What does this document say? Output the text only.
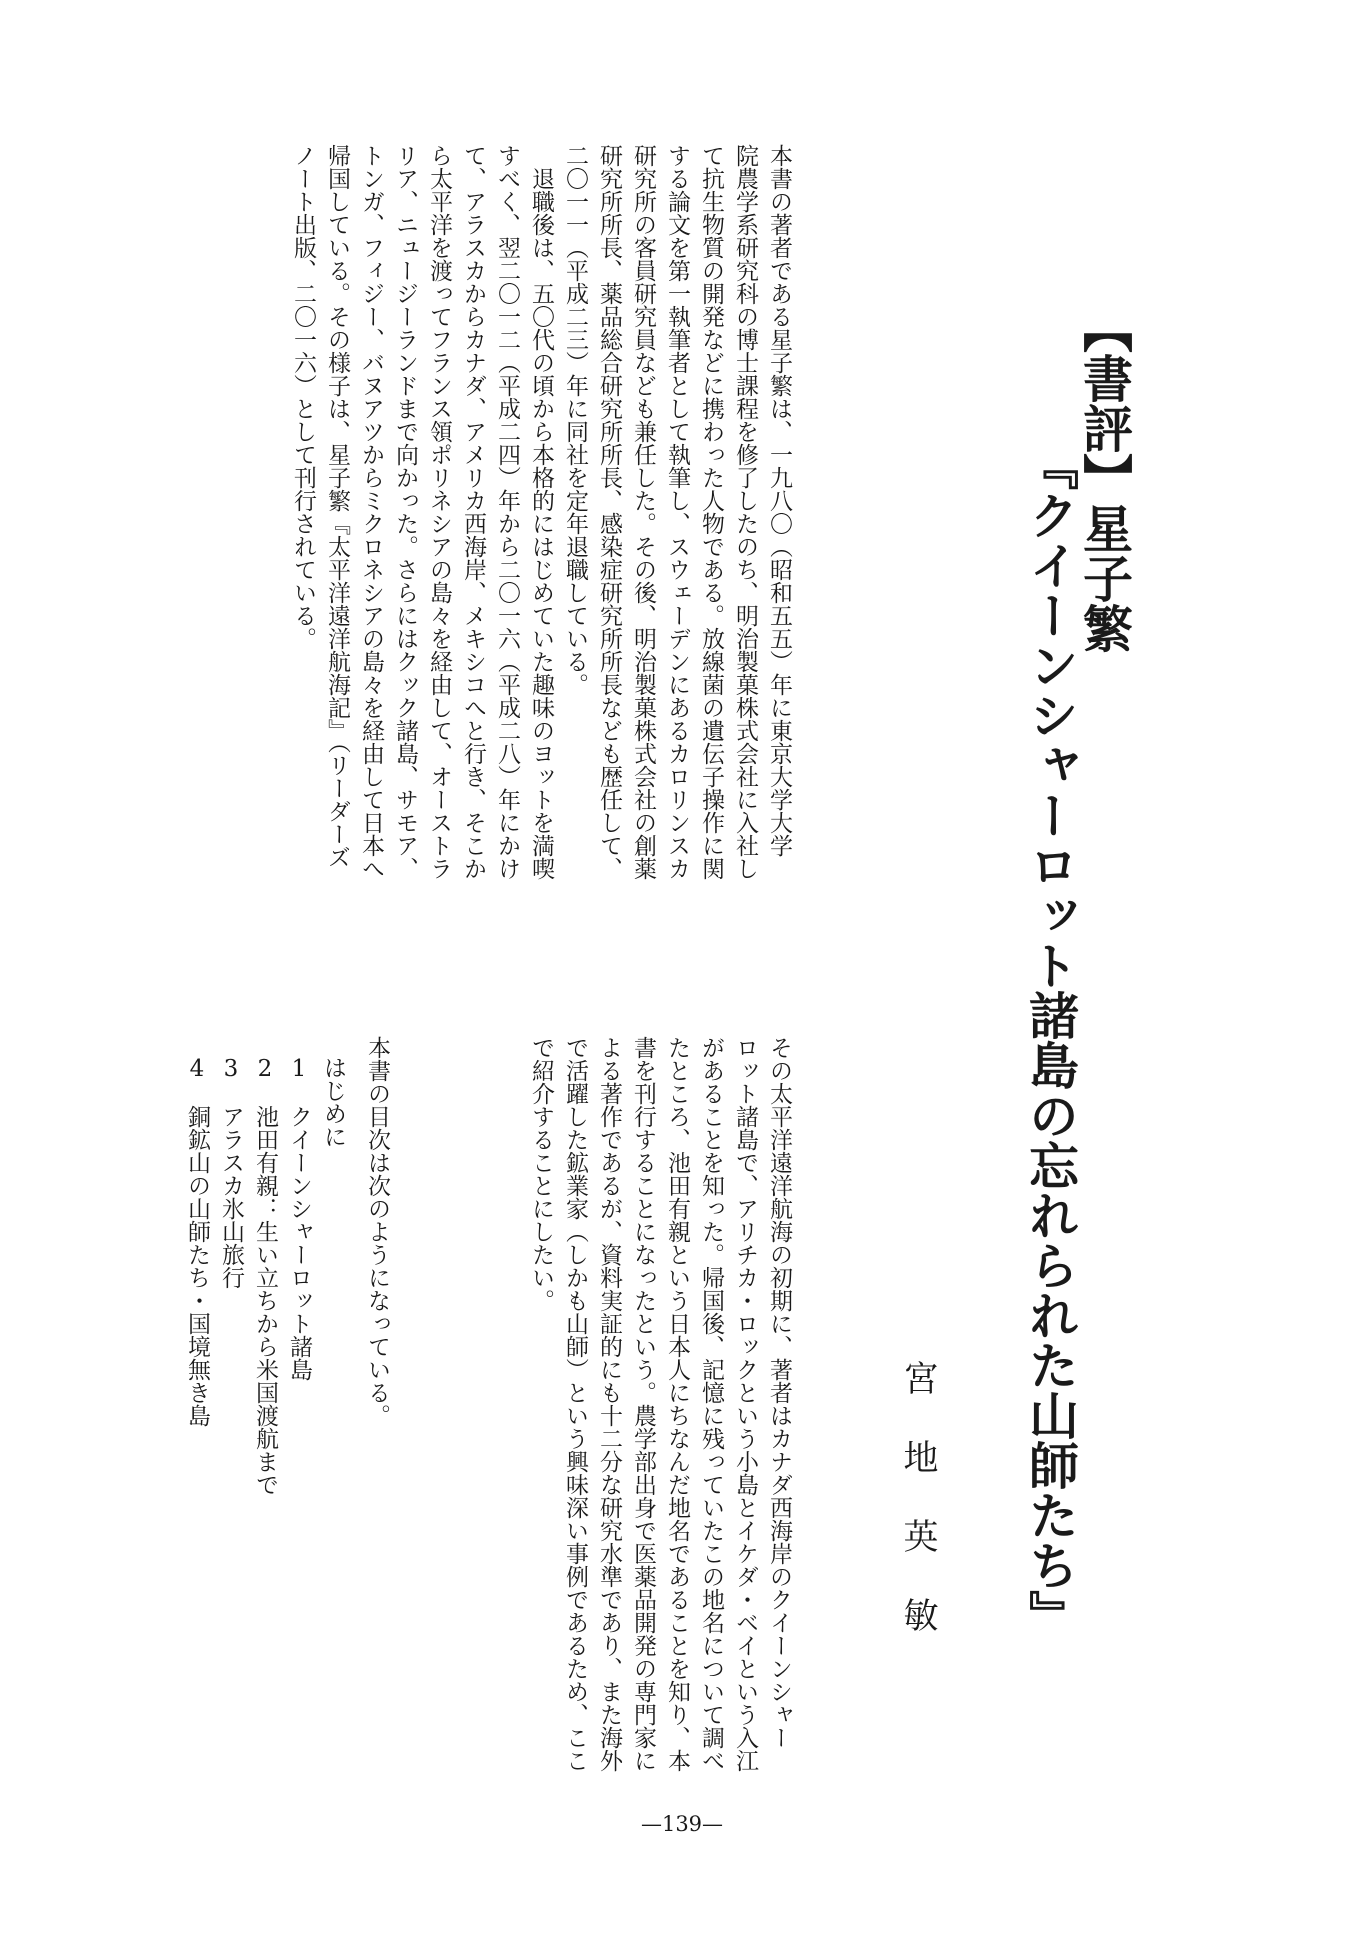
【書評】星子繁
『クイーンシャーロット諸島の忘れられた山師たち』
宮地英敏
本書の著者である星子繁は、一九八〇（昭和五五）年に東京大学大学
院農学系研究科の博士課程を修了したのち、明治製菓株式会社に入社し
て抗生物質の開発などに携わった人物である。放線菌の遺伝子操作に関
する論文を第一執筆者として執筆し、スウェーデンにあるカロリンスカ
研究所の客員研究員なども兼任した。その後、明治製菓株式会社の創薬
研究所所長、薬品総合研究所所長、感染症研究所所長なども歴任して、
二〇一一（平成二三）年に同社を定年退職している。
　退職後は、五〇代の頃から本格的にはじめていた趣味のヨットを満喫
すべく、翌二〇一二（平成二四）年から二〇一六（平成二八）年にかけ
て、アラスカからカナダ、アメリカ西海岸、メキシコへと行き、そこか
ら太平洋を渡ってフランス領ポリネシアの島々を経由して、オーストラ
リア、ニュージーランドまで向かった。さらにはクック諸島、サモア、
トンガ、フィジー、バヌアツからミクロネシアの島々を経由して日本へ
帰国している。その様子は、星子繁『太平洋遠洋航海記』（リーダーズ
ノート出版、二〇一六）として刊行されている。
その太平洋遠洋航海の初期に、著者はカナダ西海岸のクイーンシャー
ロット諸島で、アリチカ・ロックという小島とイケダ・ベイという入江
があることを知った。帰国後、記憶に残っていたこの地名について調べ
たところ、池田有親という日本人にちなんだ地名であることを知り、本
書を刊行することになったという。農学部出身で医薬品開発の専門家に
よる著作であるが、資料実証的にも十二分な研究水準であり、また海外
で活躍した鉱業家（しかも山師）という興味深い事例であるため、ここ
で紹介することにしたい。
本書の目次は次のようになっている。
はじめに
1　クイーンシャーロット諸島
2　池田有親：生い立ちから米国渡航まで
3　アラスカ氷山旅行
4　銅鉱山の山師たち・国境無き島
—139—
